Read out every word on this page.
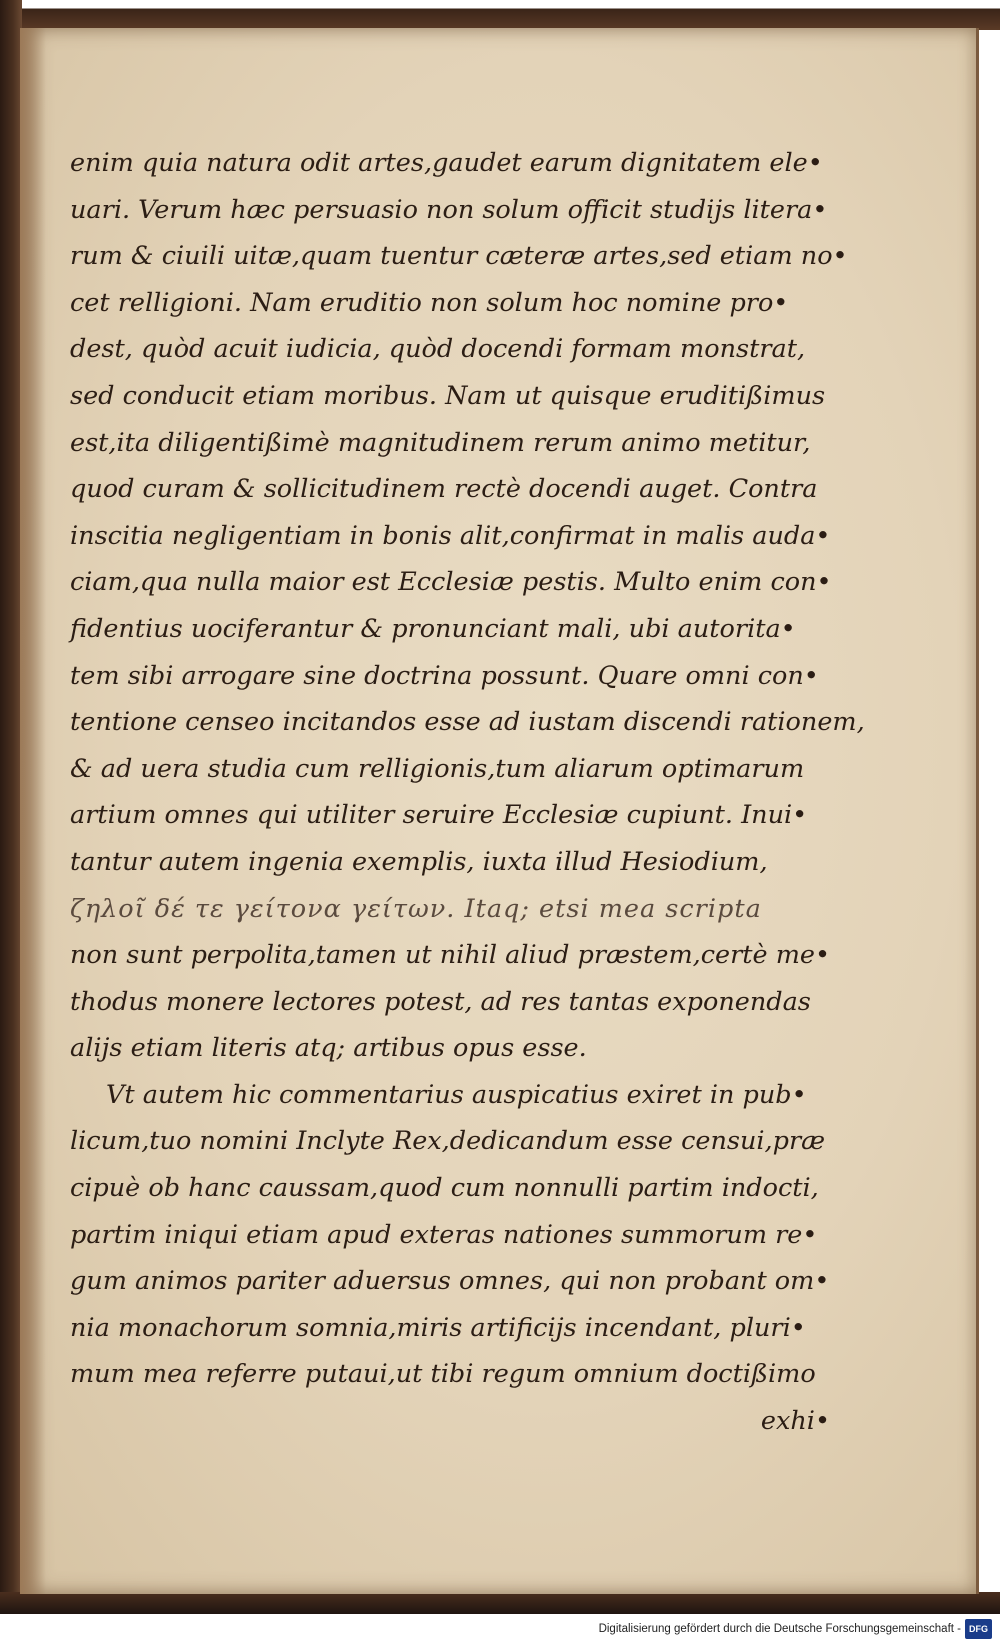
enim quia natura odit artes,gaudet earum dignitatem ele•
uari. Verum hæc persuasio non solum officit studijs litera•
rum & ciuili uitæ,quam tuentur cæteræ artes,sed etiam no•
cet relligioni. Nam eruditio non solum hoc nomine pro•
dest, quòd acuit iudicia, quòd docendi formam monstrat,
sed conducit etiam moribus. Nam ut quisque eruditißimus
est,ita diligentißimè magnitudinem rerum animo metitur,
quod curam & sollicitudinem rectè docendi auget. Contra
inscitia negligentiam in bonis alit,confirmat in malis auda•
ciam,qua nulla maior est Ecclesiæ pestis. Multo enim con•
fidentius uociferantur & pronunciant mali, ubi autorita•
tem sibi arrogare sine doctrina possunt. Quare omni con•
tentione censeo incitandos esse ad iustam discendi rationem,
& ad uera studia cum relligionis,tum aliarum optimarum
artium omnes qui utiliter seruire Ecclesiæ cupiunt. Inui•
tantur autem ingenia exemplis, iuxta illud Hesiodium,
ζηλοῖ δέ τε γείτονα γείτων. Itaq; etsi mea scripta
non sunt perpolita,tamen ut nihil aliud præstem,certè me•
thodus monere lectores potest, ad res tantas exponendas
alijs etiam literis atq; artibus opus esse.
Vt autem hic commentarius auspicatius exiret in pub•
licum,tuo nomini Inclyte Rex,dedicandum esse censui,præ
cipuè ob hanc caussam,quod cum nonnulli partim indocti,
partim iniqui etiam apud exteras nationes summorum re•
gum animos pariter aduersus omnes, qui non probant om•
nia monachorum somnia,miris artificijs incendant, pluri•
mum mea referre putaui,ut tibi regum omnium doctißimo
exhi•
Digitalisierung gefördert durch die Deutsche Forschungsgemeinschaft - DFG
